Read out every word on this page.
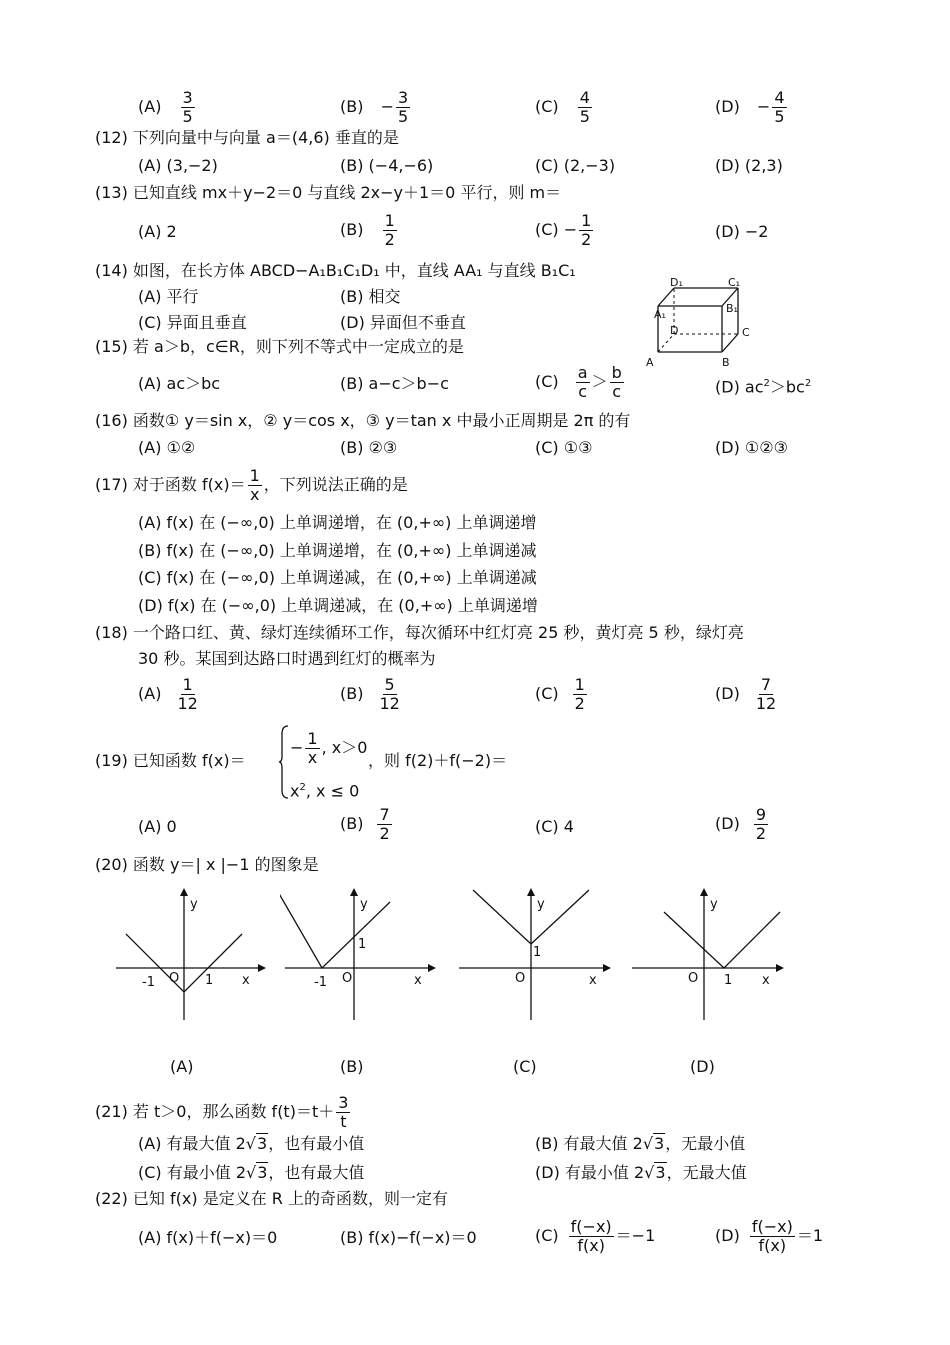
$(A) \frac{3}{5}$	$(B) - \frac{3}{5}$	$(C) \frac{4}{5}$	$(D) - \frac{4}{5}$
(12) 下列向量中与向量 a＝(4,6) 垂直的是
(A) (3,−2)	(B) (−4,−6)	(C) (2,−3)	(D) (2,3)
(13) 已知直线 mx＋y−2＝0 与直线 2x−y＋1＝0 平行，则 m＝
(A) 2	$(B) \frac{1}{2}$	$(C) - \frac{1}{2}$	(D) −2
(14) 如图，在长方体 ABCD−A₁B₁C₁D₁ 中，直线 AA₁ 与直线 B₁C₁
(A) 平行	(B) 相交
(C) 异面且垂直	(D) 异面但不垂直
A	B
C
D
A₁	B₁
C₁
D₁
(15) 若 a＞b，c∈R，则下列不等式中一定成立的是
(A) ac＞bc	(B) a−c＞b−c	$(C) \frac{a}{c} > \frac{b}{c}$	(D) $ac^2>bc^2$
(16) 函数① y＝sin x，② y＝cos x，③ y＝tan x 中最小正周期是 2π 的有
(A) ①②	(B) ②③	(C) ①③	(D) ①②③
(17) 对于函数 $f(x)= \frac{1}{x}$ ，下列说法正确的是
(A) f(x) 在 (−∞,0) 上单调递增，在 (0,+∞) 上单调递增
(B) f(x) 在 (−∞,0) 上单调递增，在 (0,+∞) 上单调递减
(C) f(x) 在 (−∞,0) 上单调递减，在 (0,+∞) 上单调递减
(D) f(x) 在 (−∞,0) 上单调递减，在 (0,+∞) 上单调递增
(18) 一个路口红、黄、绿灯连续循环工作，每次循环中红灯亮 25 秒，黄灯亮 5 秒，绿灯亮
30 秒。某国到达路口时遇到红灯的概率为
$(A) \frac{1}{12}$	$(B) \frac{5}{12}$	$(C) \frac{1}{2}$	$(D) \frac{7}{12}$
(19) 已知函数 f(x)＝
− $\frac{1}{x}$ , x＞0
$x^2$, x ≤ 0
，则 f(2)＋f(−2)＝
(A) 0	$(B) \frac{7}{2}$	(C) 4	$(D) \frac{9}{2}$
(20) 函数 y＝| x |−1 的图象是
y
x
O
-1	1
y
x
O
-1
1
y
x
O
1
y
x
O 1
(A)	(B)	(C)	(D)
(21) 若 t＞0，那么函数 $f(t)=t+ \frac{3}{t}$
(A) 有最大值 2√3，也有最小值	(B) 有最大值 2√3，无最小值
(C) 有最小值 2√3，也有最大值	(D) 有最小值 2√3，无最大值
(22) 已知 f(x) 是定义在 R 上的奇函数，则一定有
(A) f(x)＋f(−x)＝0	(B) f(x)−f(−x)＝0	$(C) \frac{f(-x)}{f(x)} =-1$	$(D) \frac{f(-x)}{f(x)} =1$
